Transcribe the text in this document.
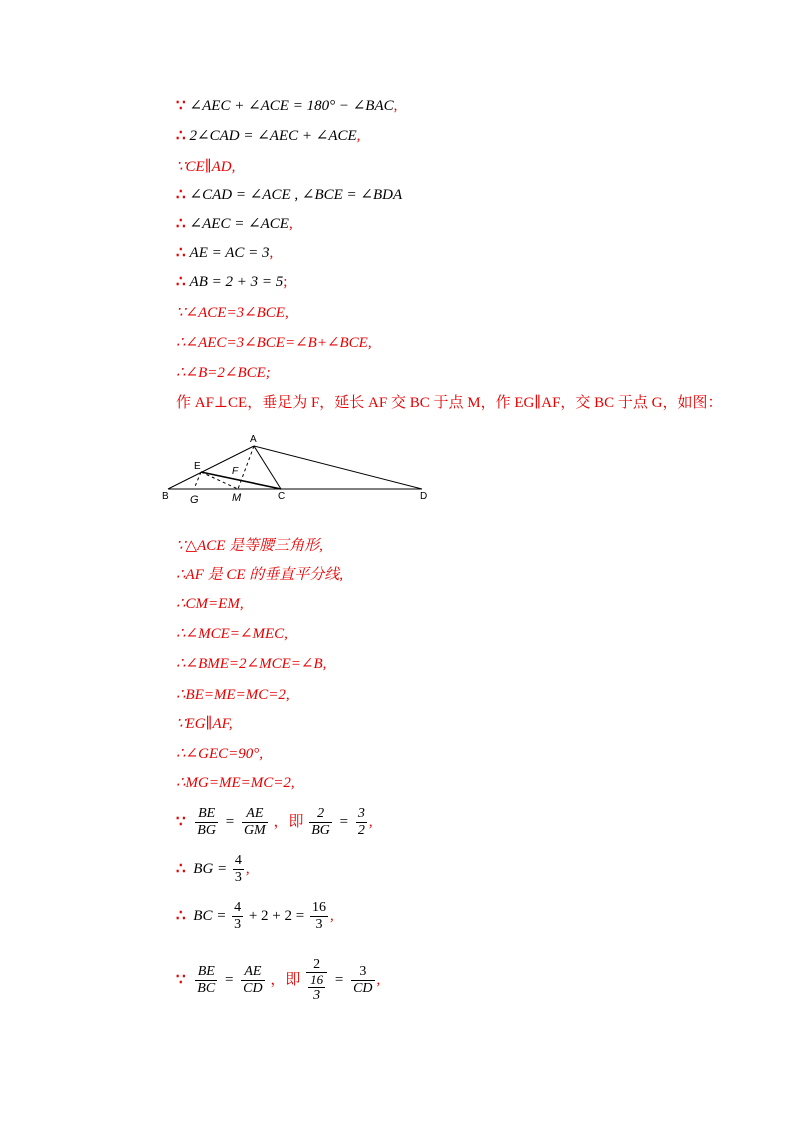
∵ ∠AEC + ∠ACE = 180° − ∠BAC,
∴ 2∠CAD = ∠AEC + ∠ACE,
∵CE∥AD,
∴ ∠CAD = ∠ACE , ∠BCE = ∠BDA
∴ ∠AEC = ∠ACE,
∴ AE = AC = 3,
∴ AB = 2 + 3 = 5;
∵∠ACE=3∠BCE,
∴∠AEC=3∠BCE=∠B+∠BCE,
∴∠B=2∠BCE;
作 AF⊥CE，垂足为 F，延长 AF 交 BC 于点 M，作 EG∥AF，交 BC 于点 G，如图：
A
B	C	D
E	F
G	M
∵△ACE 是等腰三角形,
∴AF 是 CE 的垂直平分线,
∴CM=EM,
∴∠MCE=∠MEC,
∴∠BME=2∠MCE=∠B,
∴BE=ME=MC=2,
∵EG∥AF,
∴∠GEC=90°,
∴MG=ME=MC=2,
∵ $\frac{BE}{BG} = \frac{AE}{GM}$ ，即 $\frac{2}{BG} = \frac{3}{2}$ ,
∴ BG = $\frac{4}{3}$ ,
∴ BC = $\frac{4}{3} + 2 + 2 = \frac{16}{3}$ ,
∵ $\frac{BE}{BC} = \frac{AE}{CD}$ ，即 $\frac{2}{\frac{16}{3}} = \frac{3}{CD}$ ,
